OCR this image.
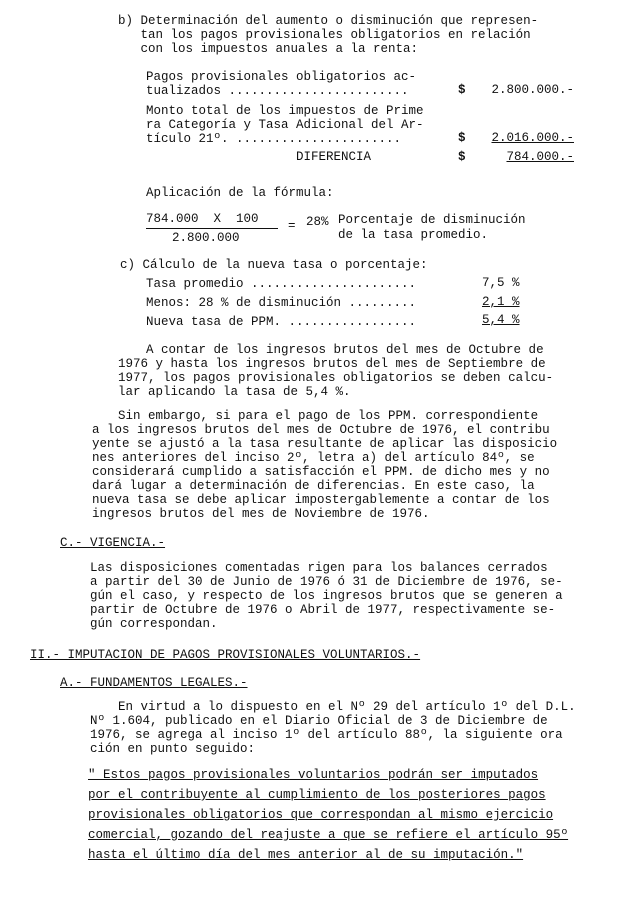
b) Determinación del aumento o disminución que represen-
tan los pagos provisionales obligatorios en relación
con los impuestos anuales a la renta:
Pagos provisionales obligatorios ac-
tualizados ........................	$	2.800.000.-
Monto total de los impuestos de Prime
ra Categoría y Tasa Adicional del Ar-
tículo 21º. ......................	$	2.016.000.-
DIFERENCIA	$	784.000.-
Aplicación de la fórmula:
784.000  X  100
2.800.000
= 28% Porcentaje de disminución
de la tasa promedio.
c) Cálculo de la nueva tasa o porcentaje:
Tasa promedio ......................	7,5 %
Menos: 28 % de disminución .........	2,1 %
Nueva tasa de PPM. .................	5,4 %
A contar de los ingresos brutos del mes de Octubre de
1976 y hasta los ingresos brutos del mes de Septiembre de
1977, los pagos provisionales obligatorios se deben calcu-
lar aplicando la tasa de 5,4 %.
Sin embargo, si para el pago de los PPM. correspondiente
a los ingresos brutos del mes de Octubre de 1976, el contribu
yente se ajustó a la tasa resultante de aplicar las disposicio
nes anteriores del inciso 2º, letra a) del artículo 84º, se
considerará cumplido a satisfacción el PPM. de dicho mes y no
dará lugar a determinación de diferencias. En este caso, la
nueva tasa se debe aplicar impostergablemente a contar de los
ingresos brutos del mes de Noviembre de 1976.
C.- VIGENCIA.-
Las disposiciones comentadas rigen para los balances cerrados
a partir del 30 de Junio de 1976 ó 31 de Diciembre de 1976, se-
gún el caso, y respecto de los ingresos brutos que se generen a
partir de Octubre de 1976 o Abril de 1977, respectivamente se-
gún correspondan.
II.- IMPUTACION DE PAGOS PROVISIONALES VOLUNTARIOS.-
A.- FUNDAMENTOS LEGALES.-
En virtud a lo dispuesto en el Nº 29 del artículo 1º del D.L.
Nº 1.604, publicado en el Diario Oficial de 3 de Diciembre de
1976, se agrega al inciso 1º del artículo 88º, la siguiente ora
ción en punto seguido:
" Estos pagos provisionales voluntarios podrán ser imputados
por el contribuyente al cumplimiento de los posteriores pagos
provisionales obligatorios que correspondan al mismo ejercicio
comercial, gozando del reajuste a que se refiere el artículo 95º
hasta el último día del mes anterior al de su imputación."
